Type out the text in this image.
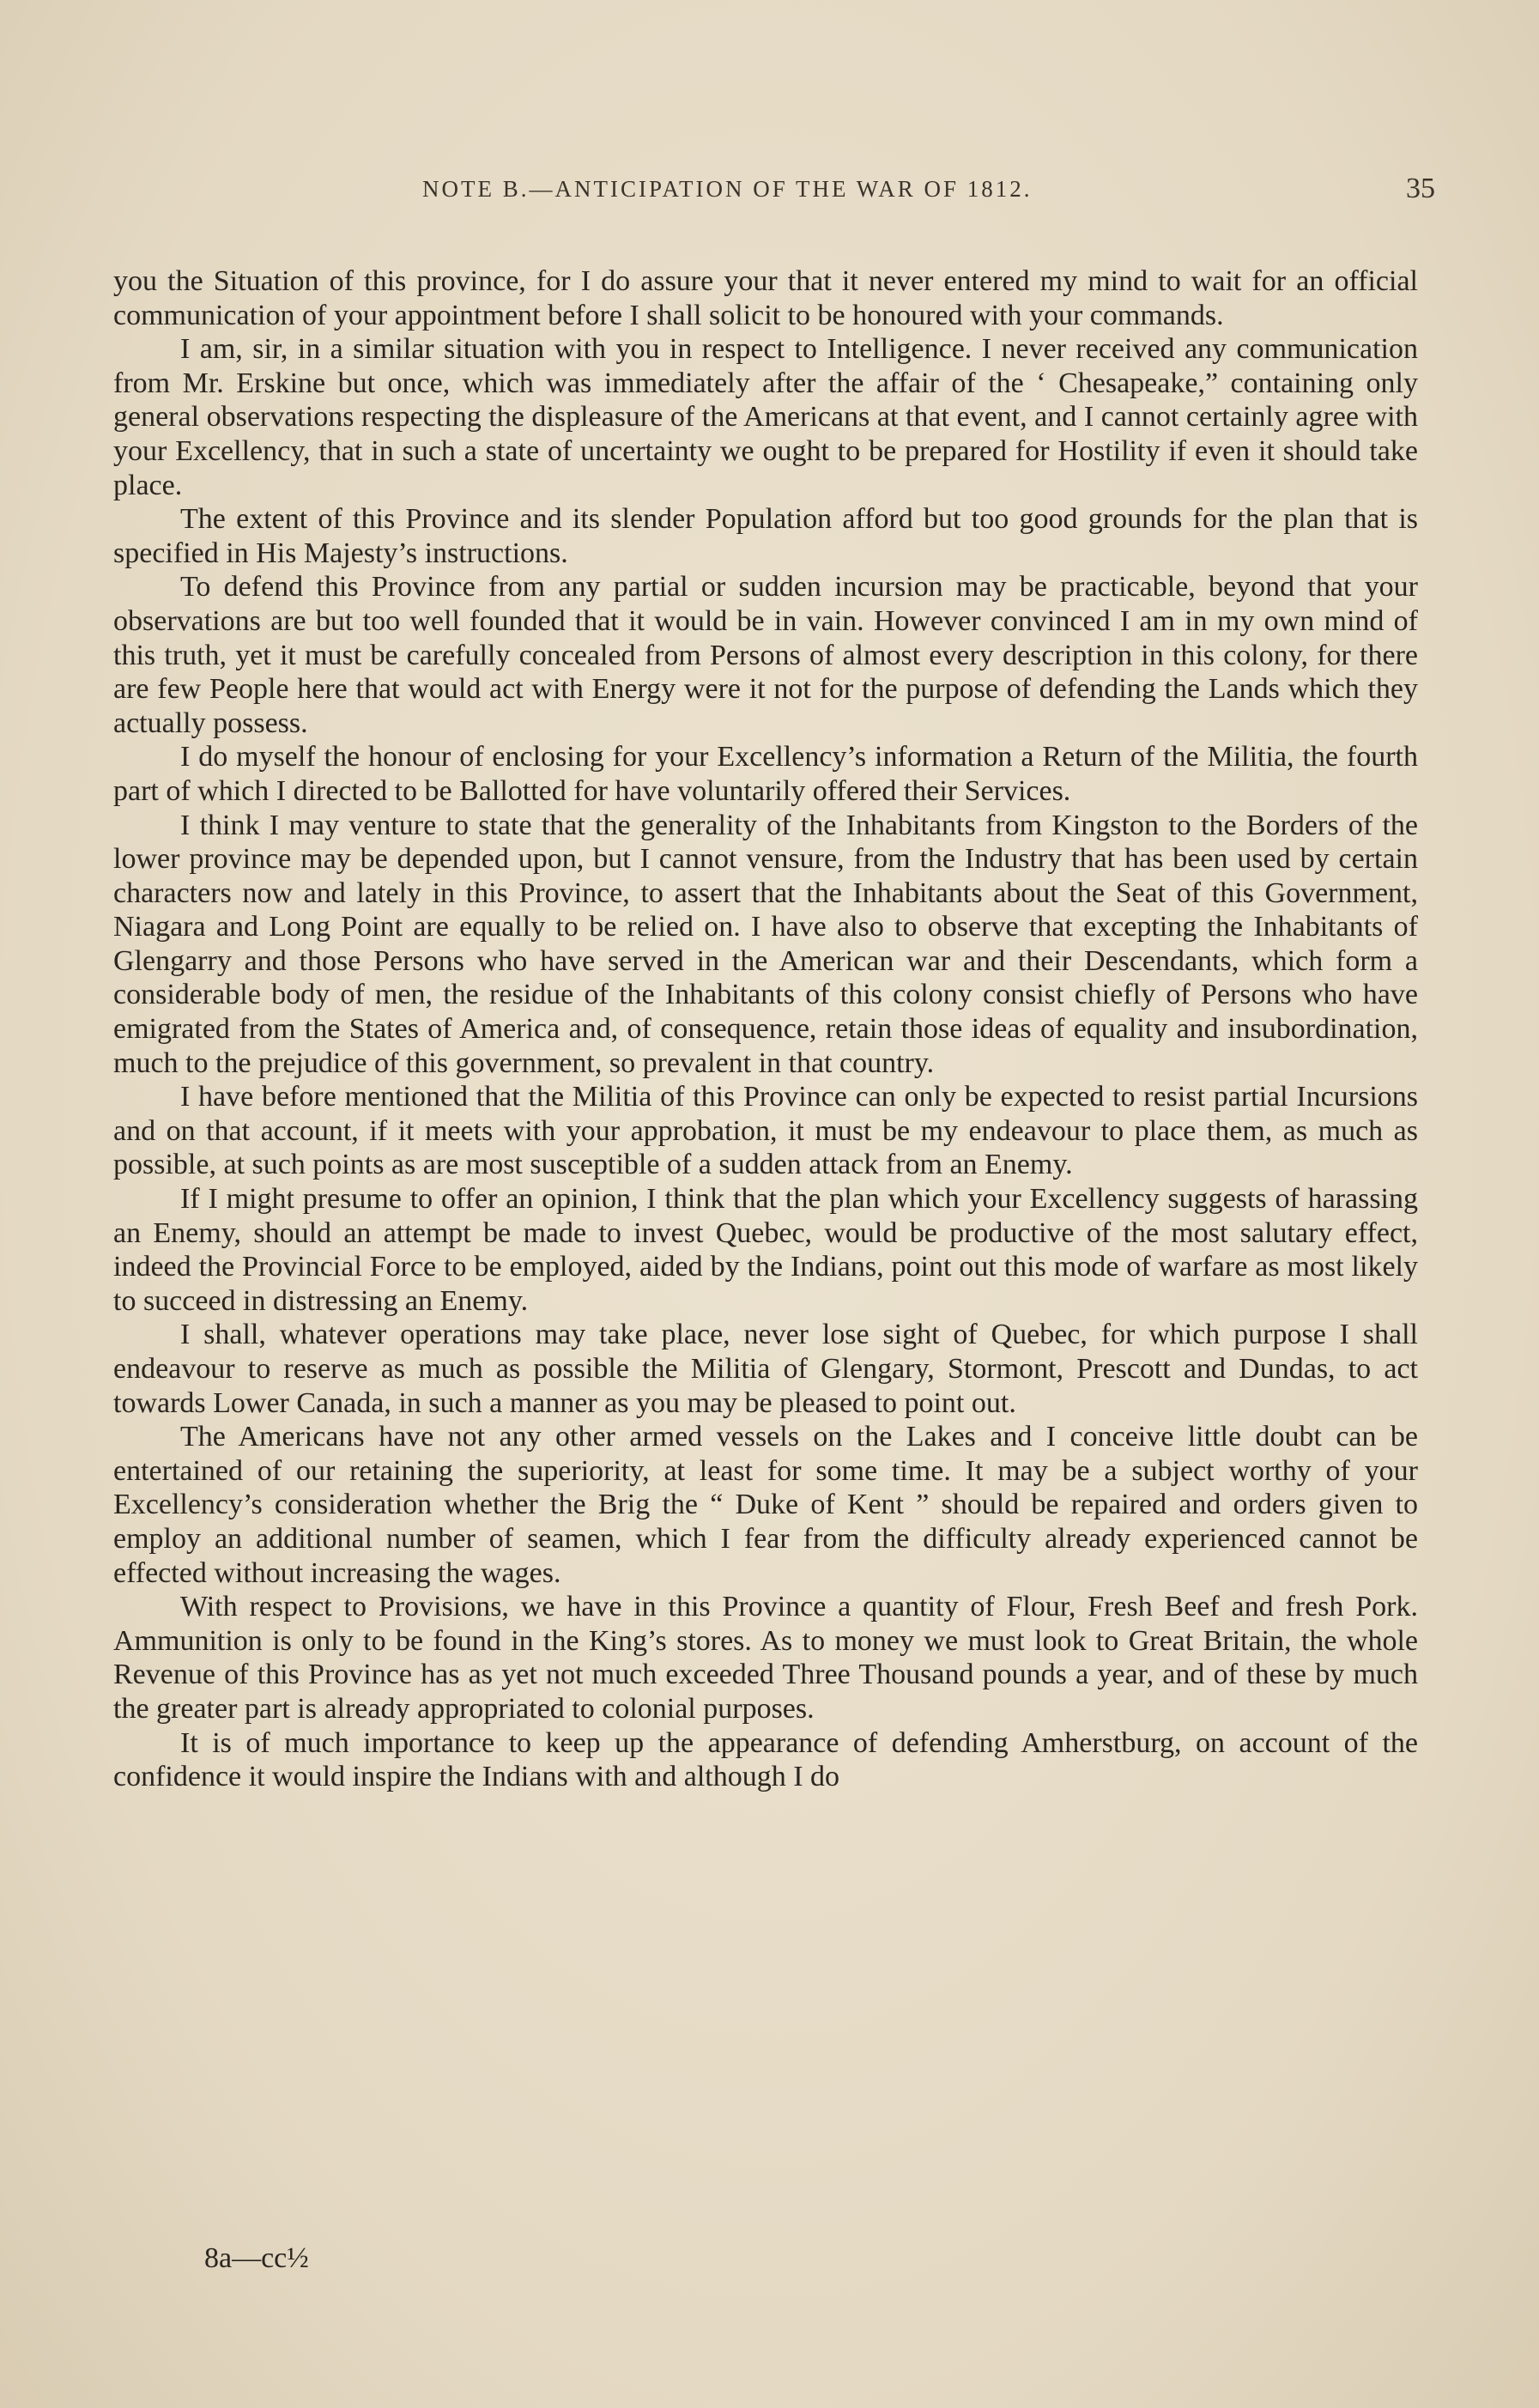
NOTE B.—ANTICIPATION OF THE WAR OF 1812.	35

you the Situation of this province, for I do assure your that it never entered my mind to wait for an official communication of your appointment before I shall solicit to be honoured with your commands.

I am, sir, in a similar situation with you in respect to Intelligence. I never received any communication from Mr. Erskine but once, which was immediately after the affair of the ‘ Chesapeake,” containing only general observations respecting the displeasure of the Americans at that event, and I cannot certainly agree with your Excellency, that in such a state of uncertainty we ought to be prepared for Hostility if even it should take place.

The extent of this Province and its slender Population afford but too good grounds for the plan that is specified in His Majesty’s instructions.

To defend this Province from any partial or sudden incursion may be practicable, beyond that your observations are but too well founded that it would be in vain. However convinced I am in my own mind of this truth, yet it must be carefully concealed from Persons of almost every description in this colony, for there are few People here that would act with Energy were it not for the purpose of defending the Lands which they actually possess.

I do myself the honour of enclosing for your Excellency’s information a Return of the Militia, the fourth part of which I directed to be Ballotted for have voluntarily offered their Services.

I think I may venture to state that the generality of the Inhabitants from Kingston to the Borders of the lower province may be depended upon, but I cannot vensure, from the Industry that has been used by certain characters now and lately in this Province, to assert that the Inhabitants about the Seat of this Government, Niagara and Long Point are equally to be relied on. I have also to observe that excepting the Inhabitants of Glengarry and those Persons who have served in the American war and their Descendants, which form a considerable body of men, the residue of the Inhabitants of this colony consist chiefly of Persons who have emigrated from the States of America and, of consequence, retain those ideas of equality and insubordination, much to the prejudice of this government, so prevalent in that country.

I have before mentioned that the Militia of this Province can only be expected to resist partial Incursions and on that account, if it meets with your approbation, it must be my endeavour to place them, as much as possible, at such points as are most susceptible of a sudden attack from an Enemy.

If I might presume to offer an opinion, I think that the plan which your Excellency suggests of harassing an Enemy, should an attempt be made to invest Quebec, would be productive of the most salutary effect, indeed the Provincial Force to be employed, aided by the Indians, point out this mode of warfare as most likely to succeed in distressing an Enemy.

I shall, whatever operations may take place, never lose sight of Quebec, for which purpose I shall endeavour to reserve as much as possible the Militia of Glengary, Stormont, Prescott and Dundas, to act towards Lower Canada, in such a manner as you may be pleased to point out.

The Americans have not any other armed vessels on the Lakes and I conceive little doubt can be entertained of our retaining the superiority, at least for some time. It may be a subject worthy of your Excellency’s consideration whether the Brig the “ Duke of Kent ” should be repaired and orders given to employ an additional number of seamen, which I fear from the difficulty already experienced cannot be effected without increasing the wages.

With respect to Provisions, we have in this Province a quantity of Flour, Fresh Beef and fresh Pork. Ammunition is only to be found in the King’s stores. As to money we must look to Great Britain, the whole Revenue of this Province has as yet not much exceeded Three Thousand pounds a year, and of these by much the greater part is already appropriated to colonial purposes.

It is of much importance to keep up the appearance of defending Amherstburg, on account of the confidence it would inspire the Indians with and although I do

8a—cc½
